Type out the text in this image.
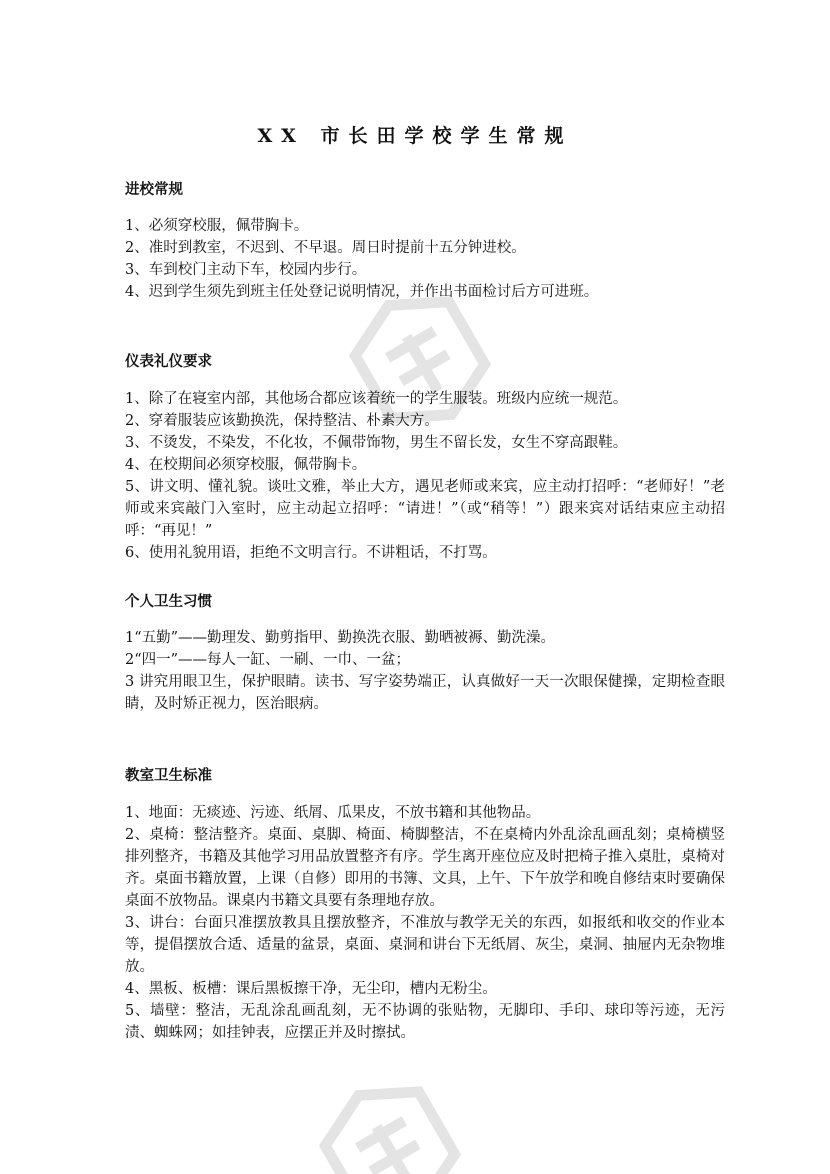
XX 市长田学校学生常规

进校常规

1、必须穿校服，佩带胸卡。
2、准时到教室，不迟到、不早退。周日时提前十五分钟进校。
3、车到校门主动下车，校园内步行。
4、迟到学生须先到班主任处登记说明情况，并作出书面检讨后方可进班。

仪表礼仪要求

1、除了在寝室内部，其他场合都应该着统一的学生服装。班级内应统一规范。
2、穿着服装应该勤换洗，保持整洁、朴素大方。
3、不烫发，不染发，不化妆，不佩带饰物，男生不留长发，女生不穿高跟鞋。
4、在校期间必须穿校服，佩带胸卡。
5、讲文明、懂礼貌。谈吐文雅，举止大方，遇见老师或来宾，应主动打招呼：“老师好！”老师或来宾敲门入室时，应主动起立招呼：“请进！”（或“稍等！”）跟来宾对话结束应主动招呼：“再见！”
6、使用礼貌用语，拒绝不文明言行。不讲粗话，不打骂。

个人卫生习惯

1“五勤”——勤理发、勤剪指甲、勤换洗衣服、勤晒被褥、勤洗澡。
2“四一”——每人一缸、一刷、一巾、一盆；
3 讲究用眼卫生，保护眼睛。读书、写字姿势端正，认真做好一天一次眼保健操，定期检查眼睛，及时矫正视力，医治眼病。

教室卫生标准

1、地面：无痰迹、污迹、纸屑、瓜果皮，不放书籍和其他物品。
2、桌椅：整洁整齐。桌面、桌脚、椅面、椅脚整洁，不在桌椅内外乱涂乱画乱刻；桌椅横竖排列整齐，书籍及其他学习用品放置整齐有序。学生离开座位应及时把椅子推入桌肚，桌椅对齐。桌面书籍放置，上课（自修）即用的书簿、文具，上午、下午放学和晚自修结束时要确保桌面不放物品。课桌内书籍文具要有条理地存放。
3、讲台：台面只准摆放教具且摆放整齐，不准放与教学无关的东西，如报纸和收交的作业本等，提倡摆放合适、适量的盆景，桌面、桌洞和讲台下无纸屑、灰尘，桌洞、抽屉内无杂物堆放。
4、黑板、板槽：课后黑板擦干净，无尘印，槽内无粉尘。
5、墙壁：整洁，无乱涂乱画乱刻，无不协调的张贴物，无脚印、手印、球印等污迹，无污渍、蜘蛛网；如挂钟表，应摆正并及时擦拭。
